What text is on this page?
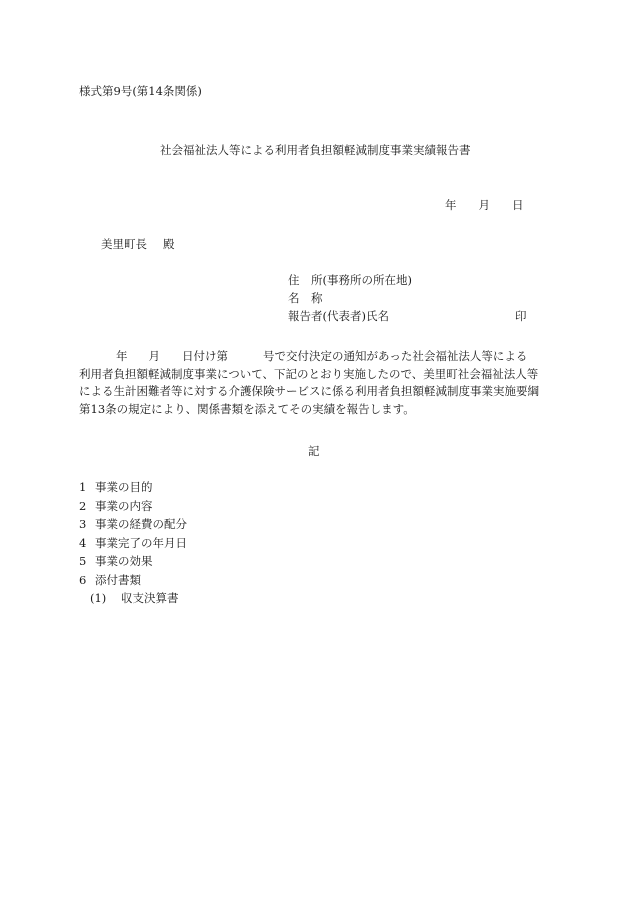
様式第9号(第14条関係)
社会福祉法人等による利用者負担額軽減制度事業実績報告書
年 月 日
美里町長 殿
住　所(事務所の所在地)
名　称
報告者(代表者)氏名	印
年 月 日付け第	号で交付決定の通知があった社会福祉法人等による
利用者負担額軽減制度事業について、下記のとおり実施したので、美里町社会福祉法人等
による生計困難者等に対する介護保険サービスに係る利用者負担額軽減制度事業実施要綱
第13条の規定により、関係書類を添えてその実績を報告します。
記
1 事業の目的
2 事業の内容
3 事業の経費の配分
4 事業完了の年月日
5 事業の効果
6 添付書類
(1) 収支決算書
